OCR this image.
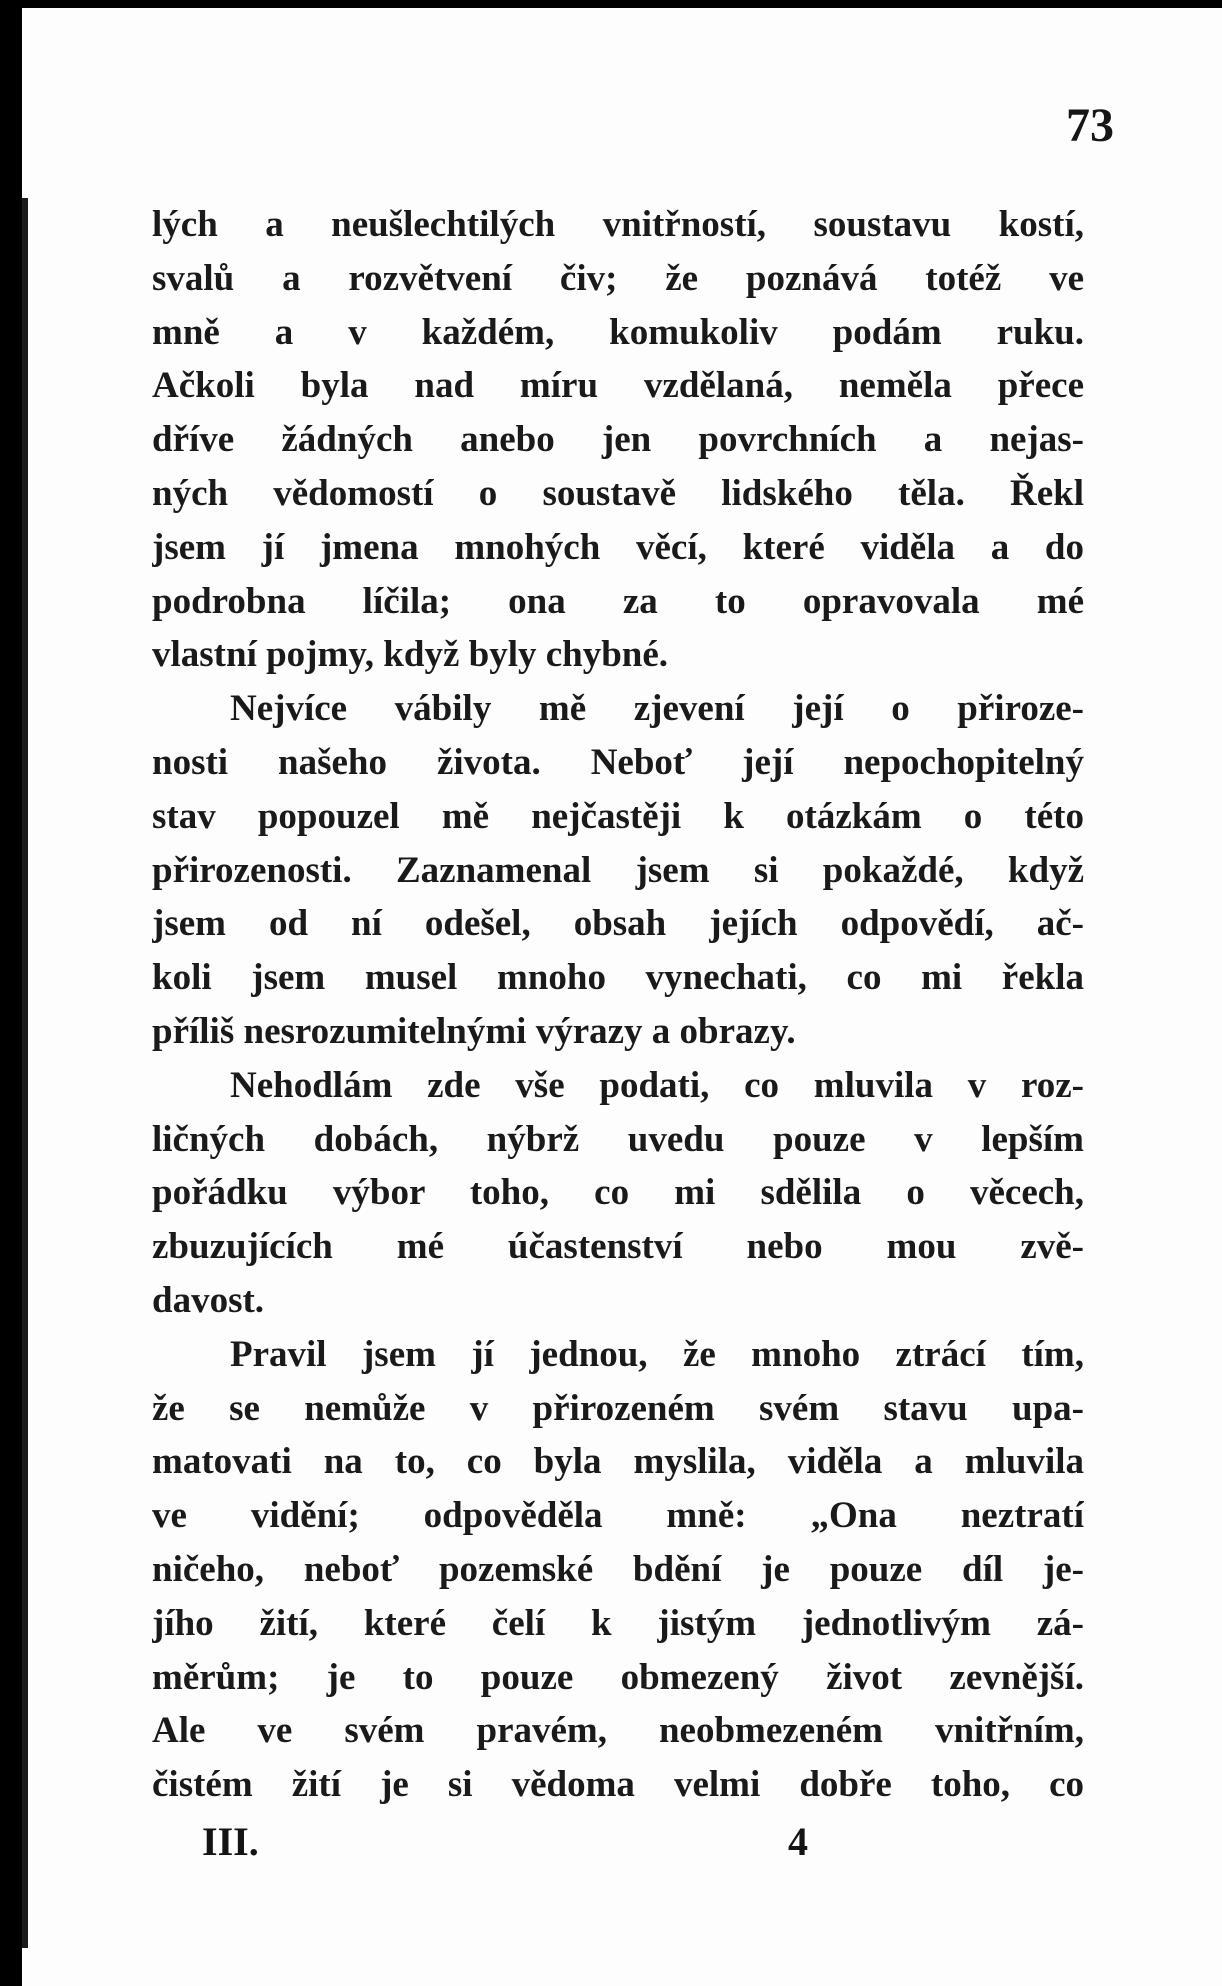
73
lých a neušlechtilých vnitřností, soustavu kostí,
svalů a rozvětvení čiv; že poznává totéž ve
mně a v každém, komukoliv podám ruku.
Ačkoli byla nad míru vzdělaná, neměla přece
dříve žádných anebo jen povrchních a nejas-
ných vědomostí o soustavě lidského těla. Řekl
jsem jí jmena mnohých věcí, které viděla a do
podrobna líčila; ona za to opravovala mé
vlastní pojmy, když byly chybné.
Nejvíce vábily mě zjevení její o přiroze-
nosti našeho života. Neboť její nepochopitelný
stav popouzel mě nejčastěji k otázkám o této
přirozenosti. Zaznamenal jsem si pokaždé, když
jsem od ní odešel, obsah jejích odpovědí, ač-
koli jsem musel mnoho vynechati, co mi řekla
příliš nesrozumitelnými výrazy a obrazy.
Nehodlám zde vše podati, co mluvila v roz-
ličných dobách, nýbrž uvedu pouze v lepším
pořádku výbor toho, co mi sdělila o věcech,
zbuzujících mé účastenství nebo mou zvě-
davost.
Pravil jsem jí jednou, že mnoho ztrácí tím,
že se nemůže v přirozeném svém stavu upa-
matovati na to, co byla myslila, viděla a mluvila
ve vidění; odpověděla mně: „Ona neztratí
ničeho, neboť pozemské bdění je pouze díl je-
jího žití, které čelí k jistým jednotlivým zá-
měrům; je to pouze obmezený život zevnější.
Ale ve svém pravém, neobmezeném vnitřním,
čistém žití je si vědoma velmi dobře toho, co
III.	4
